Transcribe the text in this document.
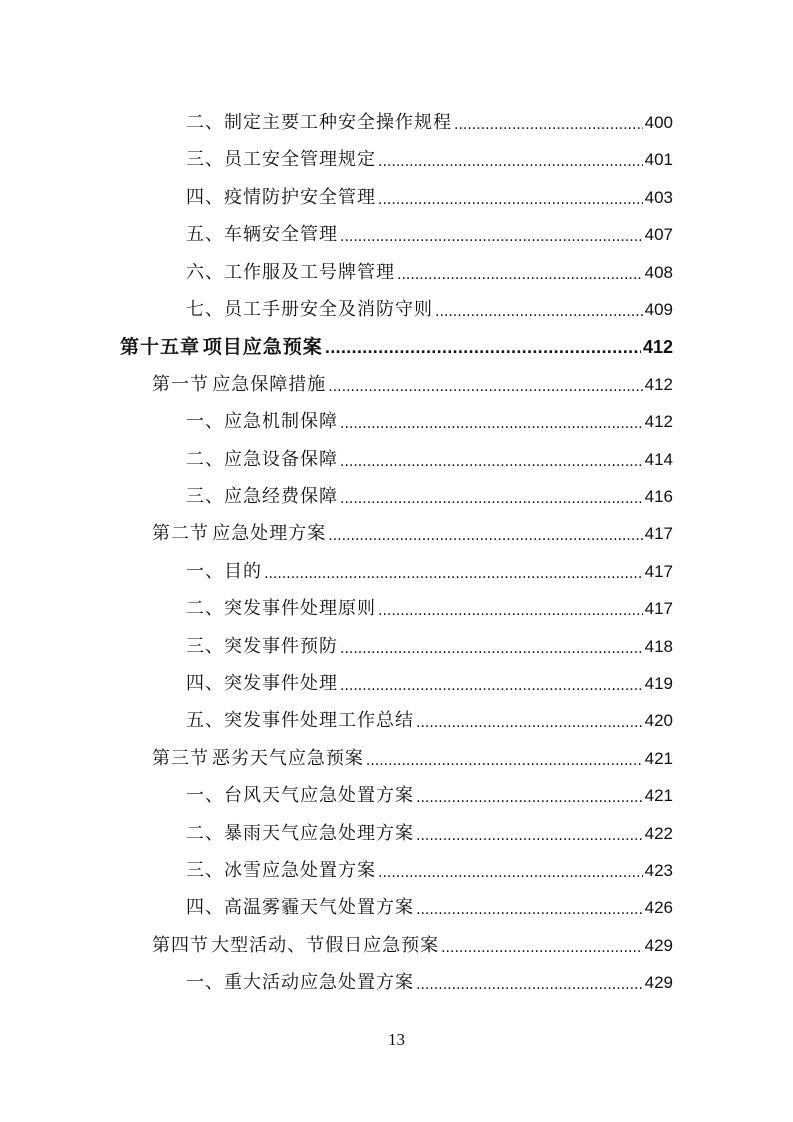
二、 制定主要工种安全操作规程 .....	400
三、 员工安全管理规定 .....	401
四、 疫情防护安全管理 .....	403
五、 车辆安全管理 .....	407
六、 工作服及工号牌管理 .....	408
七、 员工手册安全及消防守则 .....	409
第十五章 项目应急预案 .....	412
第一节 应急保障措施 .....	412
一、 应急机制保障 .....	412
二、 应急设备保障 .....	414
三、 应急经费保障 .....	416
第二节 应急处理方案 .....	417
一、 目的 .....	417
二、 突发事件处理原则 .....	417
三、 突发事件预防 .....	418
四、 突发事件处理 .....	419
五、 突发事件处理工作总结 .....	420
第三节 恶劣天气应急预案 .....	421
一、 台风天气应急处置方案 .....	421
二、 暴雨天气应急处理方案 .....	422
三、 冰雪应急处置方案 .....	423
四、 高温雾霾天气处置方案 .....	426
第四节 大型活动、节假日应急预案 .....	429
一、 重大活动应急处置方案 .....	429
13
